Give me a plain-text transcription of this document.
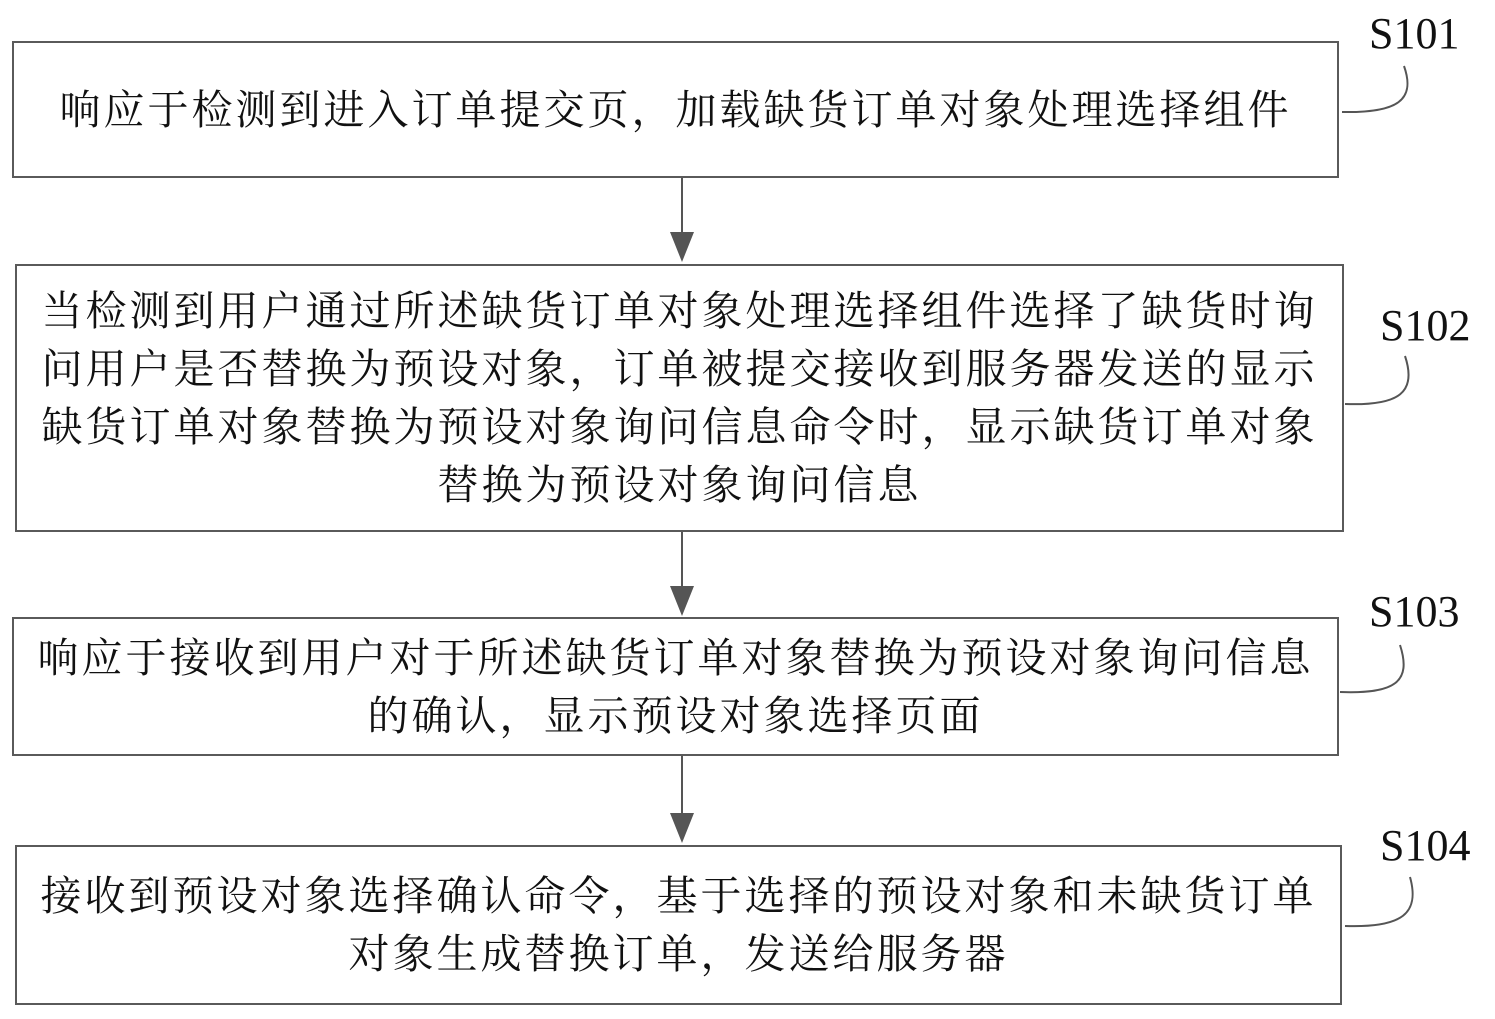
响应于检测到进入订单提交页，加载缺货订单对象处理选择组件

S101

当检测到用户通过所述缺货订单对象处理选择组件选择了缺货时询问用户是否替换为预设对象，订单被提交接收到服务器发送的显示缺货订单对象替换为预设对象询问信息命令时，显示缺货订单对象替换为预设对象询问信息

S102

响应于接收到用户对于所述缺货订单对象替换为预设对象询问信息的确认，显示预设对象选择页面

S103

接收到预设对象选择确认命令，基于选择的预设对象和未缺货订单对象生成替换订单，发送给服务器

S104
